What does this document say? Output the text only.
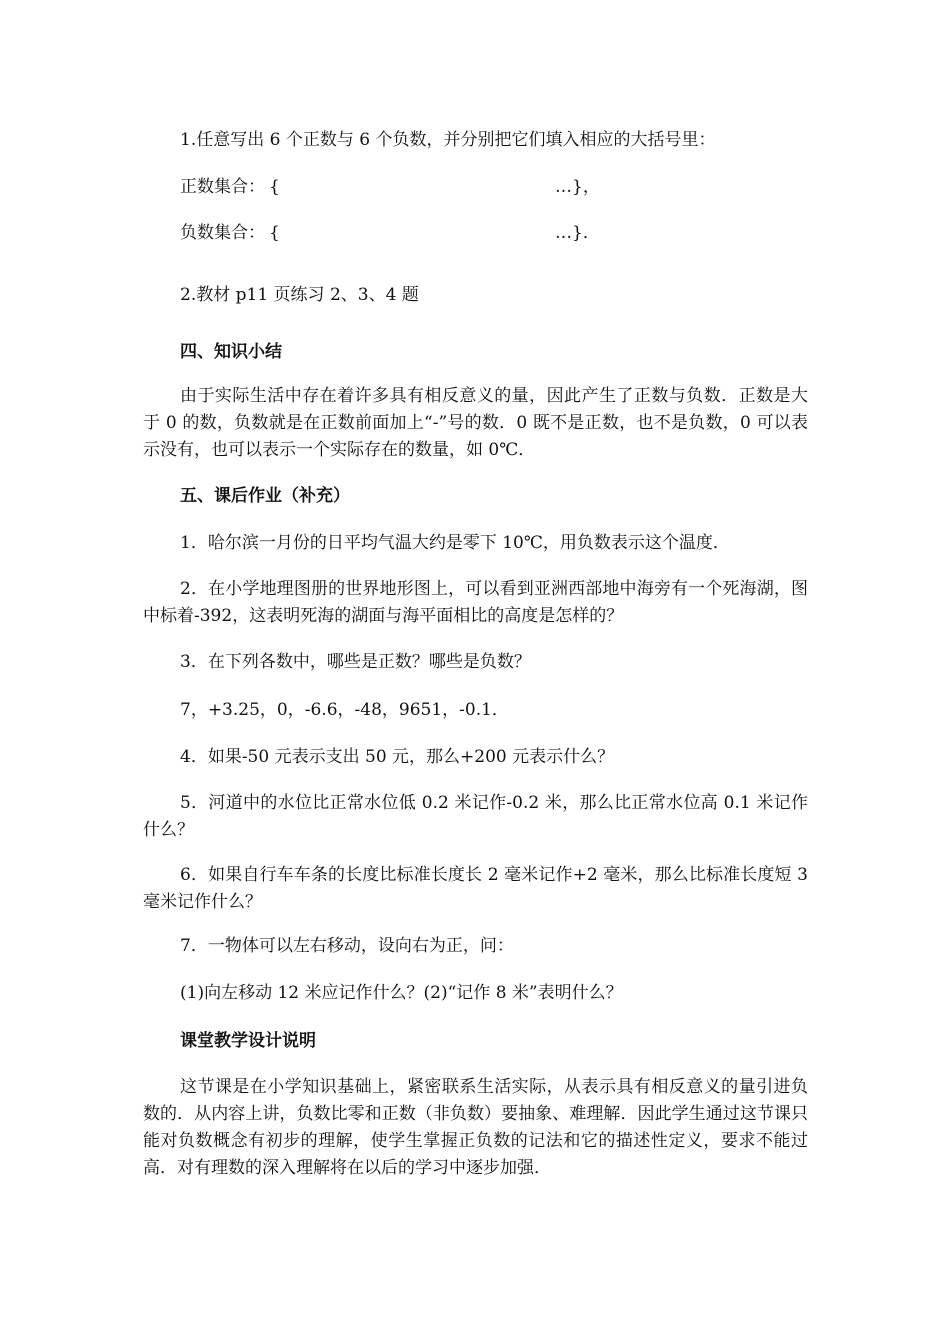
1.任意写出 6 个正数与 6 个负数，并分别把它们填入相应的大括号里：
正数集合： {	…}，
负数集合： {	…}．
2.教材 p11 页练习 2、3、4 题
四、知识小结
由于实际生活中存在着许多具有相反意义的量，因此产生了正数与负数．正数是大于 0 的数，负数就是在正数前面加上“-”号的数．0 既不是正数，也不是负数，0 可以表示没有，也可以表示一个实际存在的数量，如 0℃．
五、课后作业（补充）
1．哈尔滨一月份的日平均气温大约是零下 10℃，用负数表示这个温度．
2．在小学地理图册的世界地形图上，可以看到亚洲西部地中海旁有一个死海湖，图中标着-392，这表明死海的湖面与海平面相比的高度是怎样的？
3．在下列各数中，哪些是正数？哪些是负数？
7，+3.25，0，-6.6，-48，9651，-0.1．
4．如果-50 元表示支出 50 元，那么+200 元表示什么？
5．河道中的水位比正常水位低 0.2 米记作-0.2 米，那么比正常水位高 0.1 米记作什么？
6．如果自行车车条的长度比标准长度长 2 毫米记作+2 毫米，那么比标准长度短 3 毫米记作什么？
7．一物体可以左右移动，设向右为正，问：
(1)向左移动 12 米应记作什么？(2)“记作 8 米”表明什么？
课堂教学设计说明
这节课是在小学知识基础上，紧密联系生活实际，从表示具有相反意义的量引进负数的．从内容上讲，负数比零和正数（非负数）要抽象、难理解．因此学生通过这节课只能对负数概念有初步的理解，使学生掌握正负数的记法和它的描述性定义，要求不能过高．对有理数的深入理解将在以后的学习中逐步加强．
